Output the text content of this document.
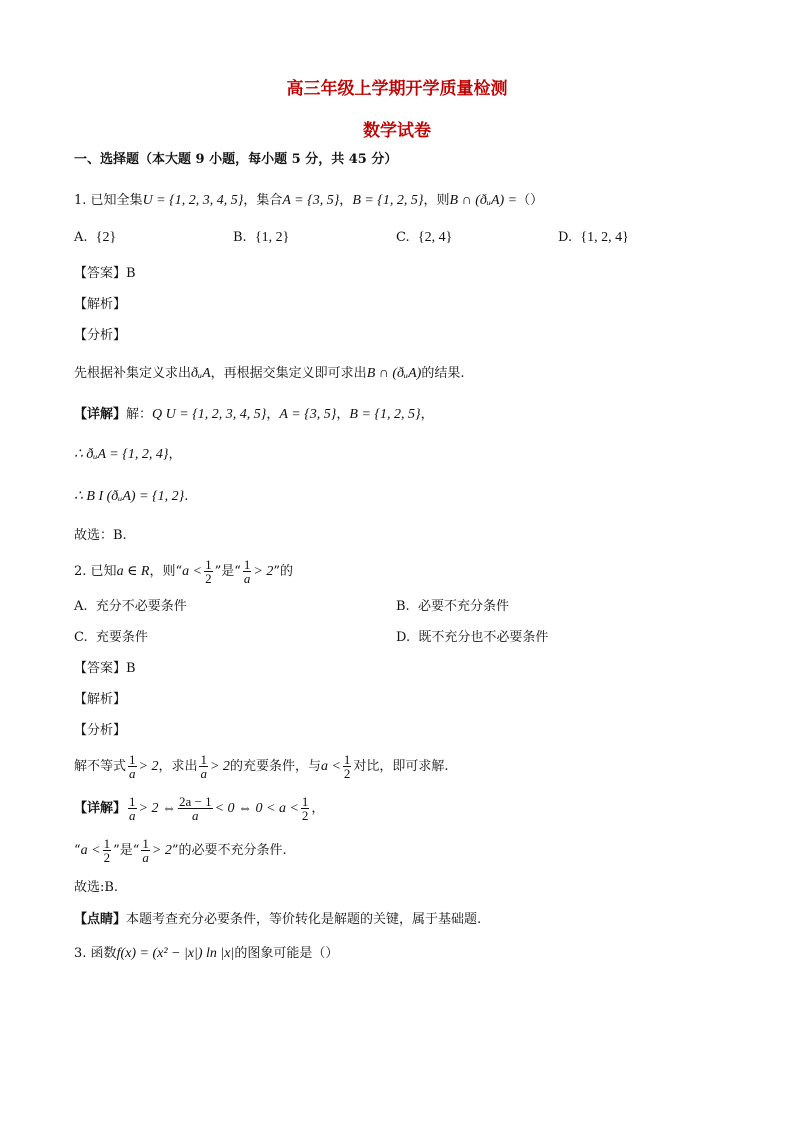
高三年级上学期开学质量检测
数学试卷
一、选择题（本大题 9 小题，每小题 5 分，共 45 分）
1. 已知全集U = {1, 2, 3, 4, 5}，集合A = {3, 5}，B = {1, 2, 5}，则B ∩ (ðᵤA) =（）
A. {2}	B. {1, 2}	C. {2, 4}	D. {1, 2, 4}
【答案】B
【解析】
【分析】
先根据补集定义求出ðᵤA，再根据交集定义即可求出B ∩ (ðᵤA)的结果.
【详解】解：Q U = {1, 2, 3, 4, 5}，A = {3, 5}，B = {1, 2, 5}，
∴ ðᵤA = {1, 2, 4}，
∴ B I (ðᵤA) = {1, 2}.
故选：B.
2. 已知a ∈ R，则“$a < \frac{1}{2}$ ”是“ $\frac{1}{a} > 2$”的
A. 充分不必要条件	B. 必要不充分条件
C. 充要条件	D. 既不充分也不必要条件
【答案】B
【解析】
【分析】
解不等式 $\frac{1}{a} > 2$，求出 $\frac{1}{a} > 2$的充要条件，与$a < \frac{1}{2}$ 对比，即可求解.
【详解】 $\frac{1}{a} > 2$ ⇔ $\frac{2a - 1}{a} < 0$ ⇔ $0 < a < \frac{1}{2}$ ，
“$a < \frac{1}{2}$ ”是“ $\frac{1}{a} > 2$”的必要不充分条件.
故选:B.
【点睛】本题考查充分必要条件，等价转化是解题的关键，属于基础题.
3. 函数f(x) = (x² − |x|) ln |x|的图象可能是（）
